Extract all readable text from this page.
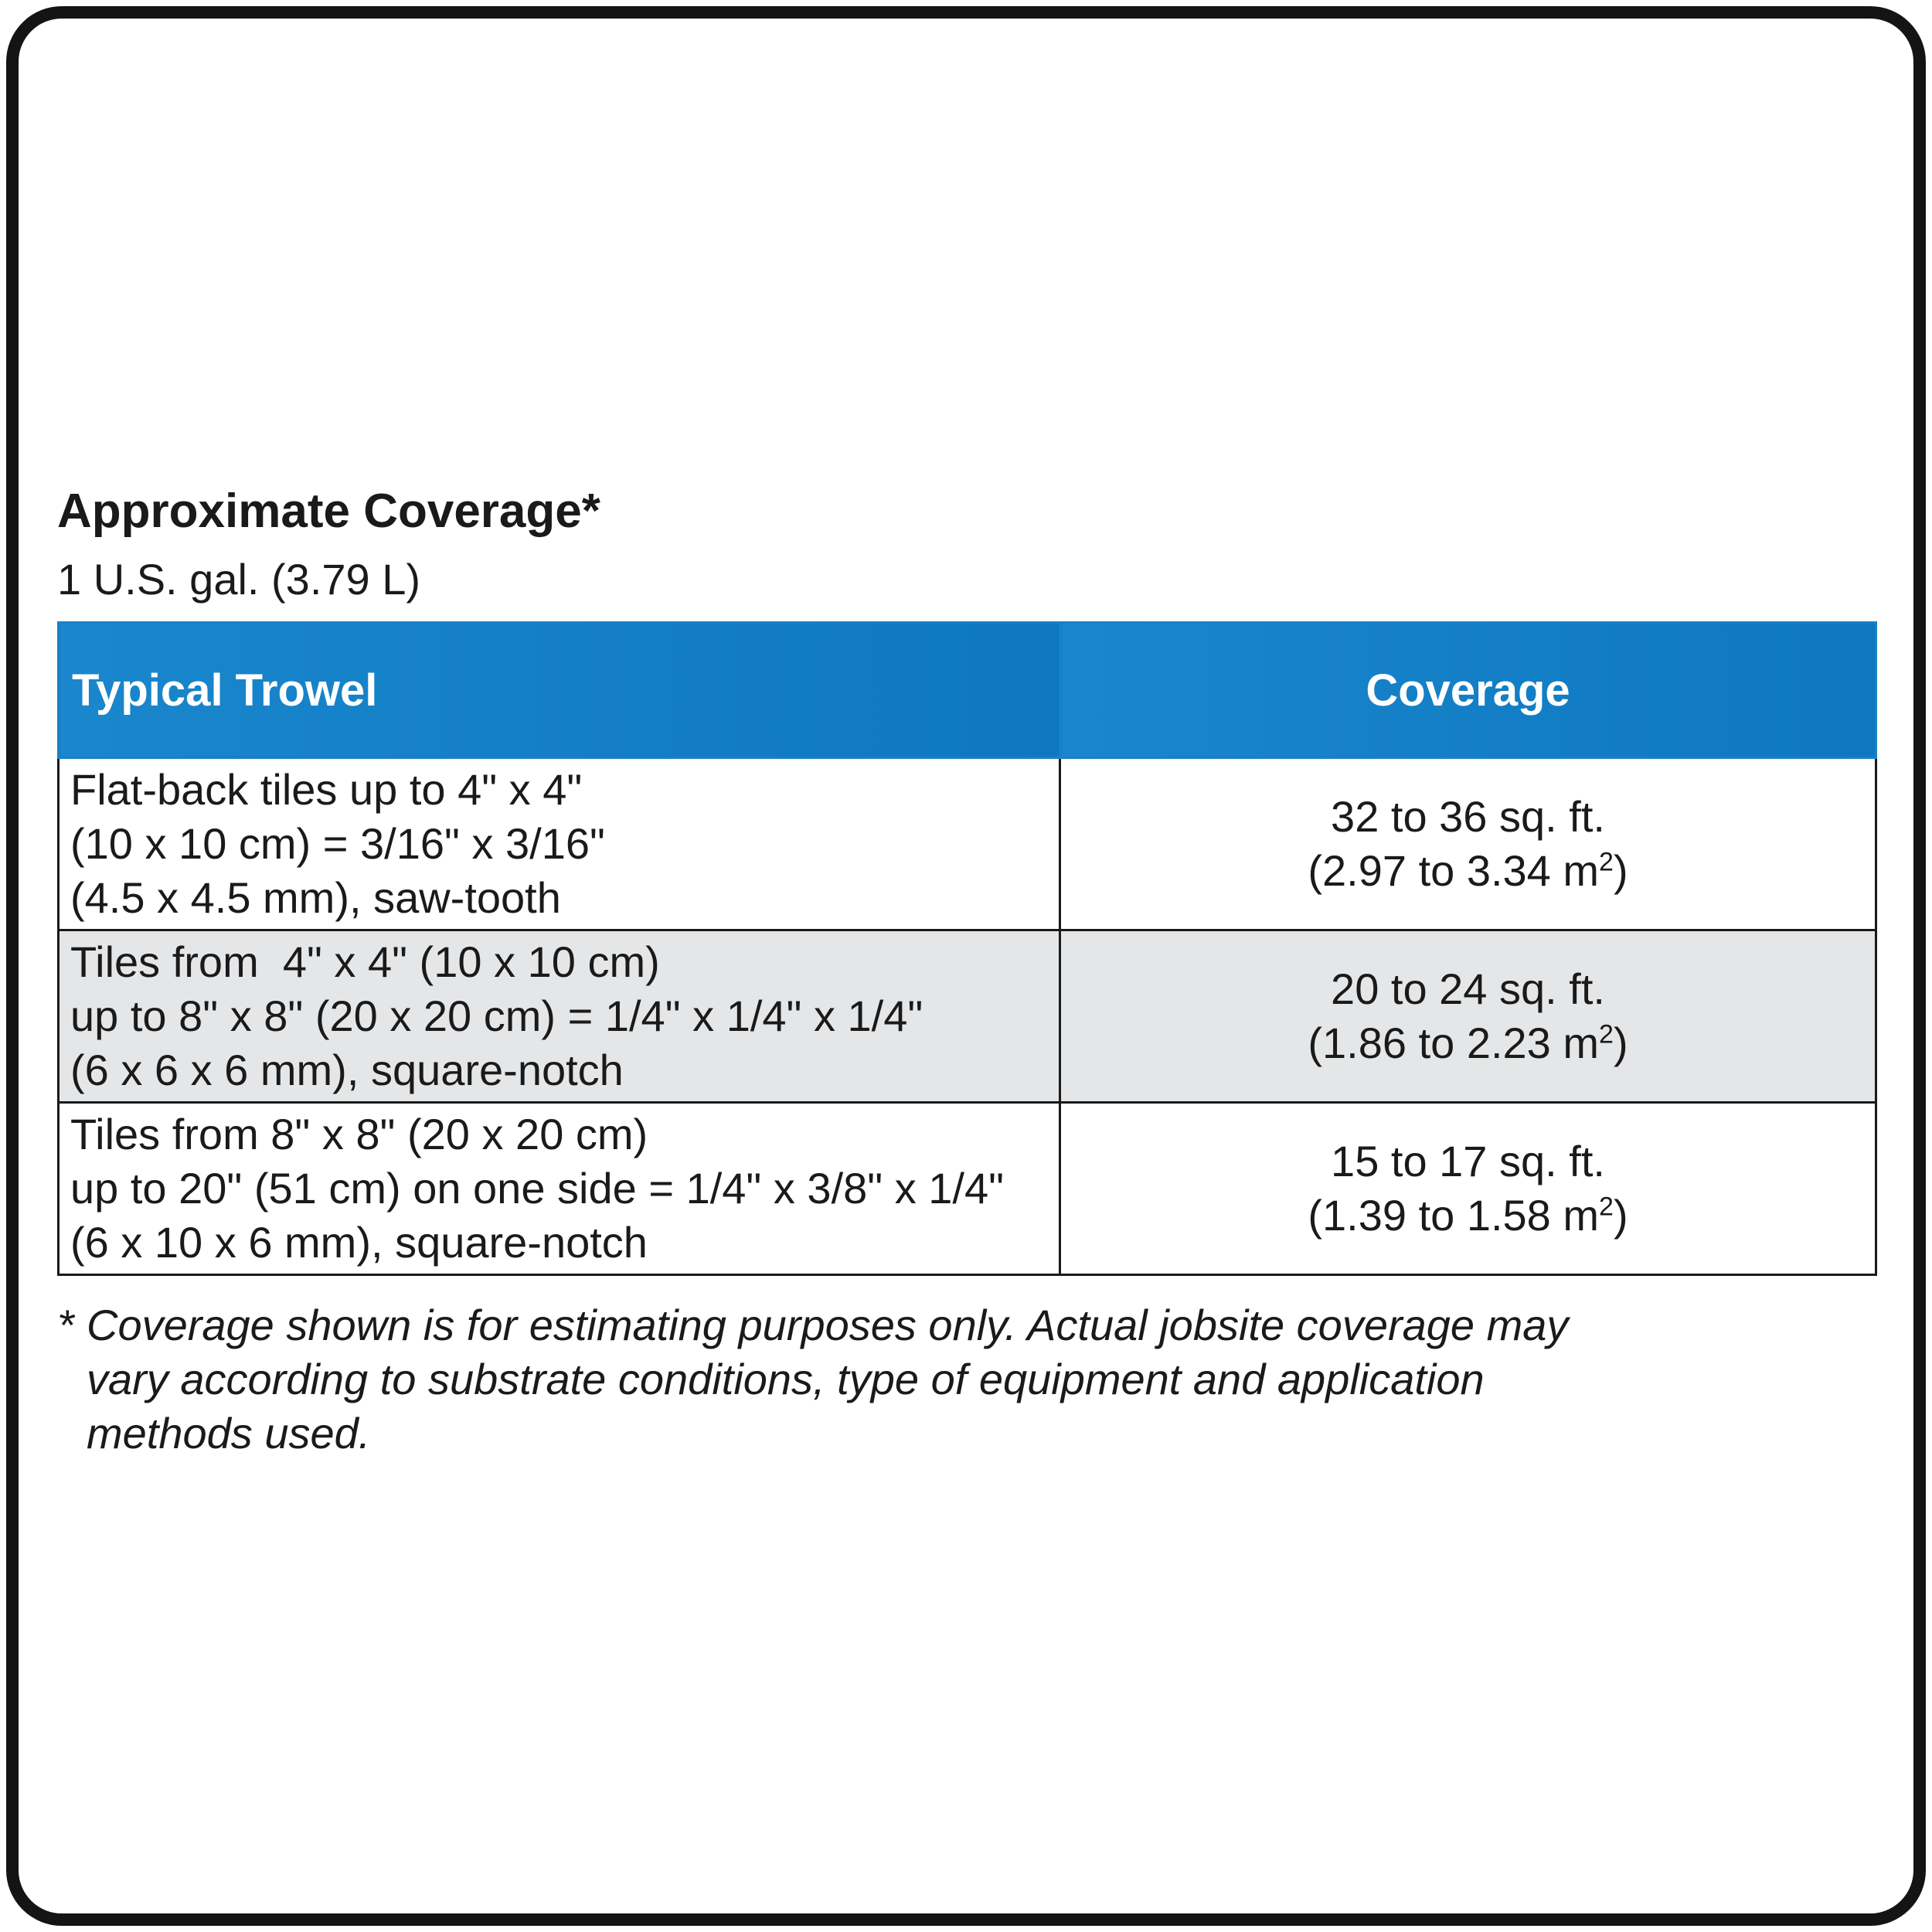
Approximate Coverage*

1 U.S. gal. (3.79 L)

Typical Trowel	Coverage

Flat-back tiles up to 4" x 4"
(10 x 10 cm) = 3/16" x 3/16"
(4.5 x 4.5 mm), saw-tooth	32 to 36 sq. ft.
(2.97 to 3.34 $m^2$)

Tiles from  4" x 4" (10 x 10 cm)
up to 8" x 8" (20 x 20 cm) = 1/4" x 1/4" x 1/4"
(6 x 6 x 6 mm), square-notch	20 to 24 sq. ft.
(1.86 to 2.23 $m^2$)

Tiles from 8" x 8" (20 x 20 cm)
up to 20" (51 cm) on one side = 1/4" x 3/8" x 1/4"
(6 x 10 x 6 mm), square-notch	15 to 17 sq. ft.
(1.39 to 1.58 $m^2$)
* Coverage shown is for estimating purposes only. Actual jobsite coverage may
vary according to substrate conditions, type of equipment and application
methods used.
